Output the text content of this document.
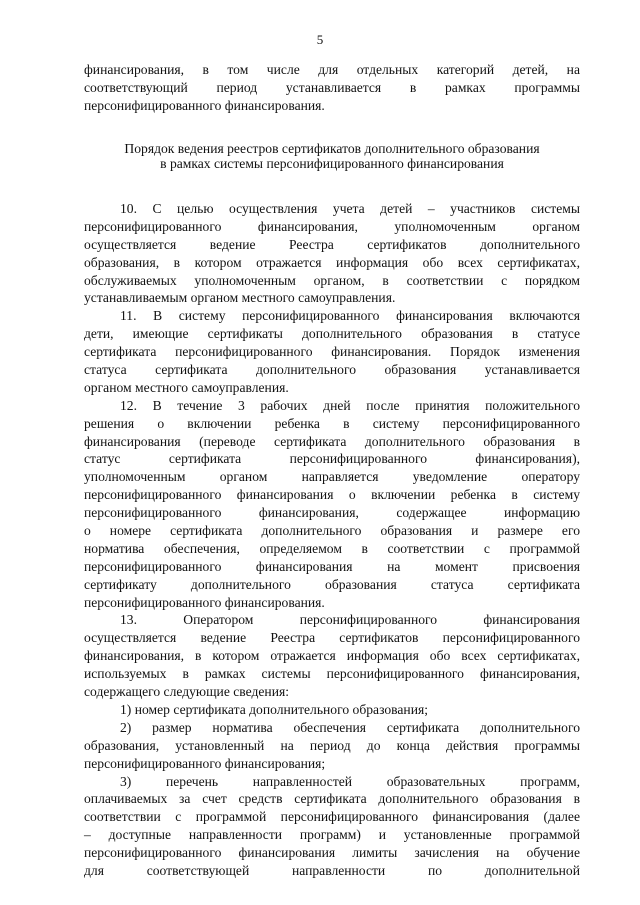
5
финансирования, в том числе для отдельных категорий детей, на
соответствующий период устанавливается в рамках программы
персонифицированного финансирования.
Порядок ведения реестров сертификатов дополнительного образования
в рамках системы персонифицированного финансирования
10. С целью осуществления учета детей – участников системы
персонифицированного финансирования, уполномоченным органом
осуществляется ведение Реестра сертификатов дополнительного
образования, в котором отражается информация обо всех сертификатах,
обслуживаемых уполномоченным органом, в соответствии с порядком
устанавливаемым органом местного самоуправления.
11. В систему персонифицированного финансирования включаются
дети, имеющие сертификаты дополнительного образования в статусе
сертификата персонифицированного финансирования. Порядок изменения
статуса сертификата дополнительного образования устанавливается
органом местного самоуправления.
12. В течение 3 рабочих дней после принятия положительного
решения о включении ребенка в систему персонифицированного
финансирования (переводе сертификата дополнительного образования в
статус сертификата персонифицированного финансирования),
уполномоченным органом направляется уведомление оператору
персонифицированного финансирования о включении ребенка в систему
персонифицированного финансирования, содержащее информацию
о номере сертификата дополнительного образования и размере его
норматива обеспечения, определяемом в соответствии с программой
персонифицированного финансирования на момент присвоения
сертификату дополнительного образования статуса сертификата
персонифицированного финансирования.
13. Оператором персонифицированного финансирования
осуществляется ведение Реестра сертификатов персонифицированного
финансирования, в котором отражается информация обо всех сертификатах,
используемых в рамках системы персонифицированного финансирования,
содержащего следующие сведения:
1) номер сертификата дополнительного образования;
2) размер норматива обеспечения сертификата дополнительного
образования, установленный на период до конца действия программы
персонифицированного финансирования;
3) перечень направленностей образовательных программ,
оплачиваемых за счет средств сертификата дополнительного образования в
соответствии с программой персонифицированного финансирования (далее
– доступные направленности программ) и установленные программой
персонифицированного финансирования лимиты зачисления на обучение
для соответствующей направленности по дополнительной
